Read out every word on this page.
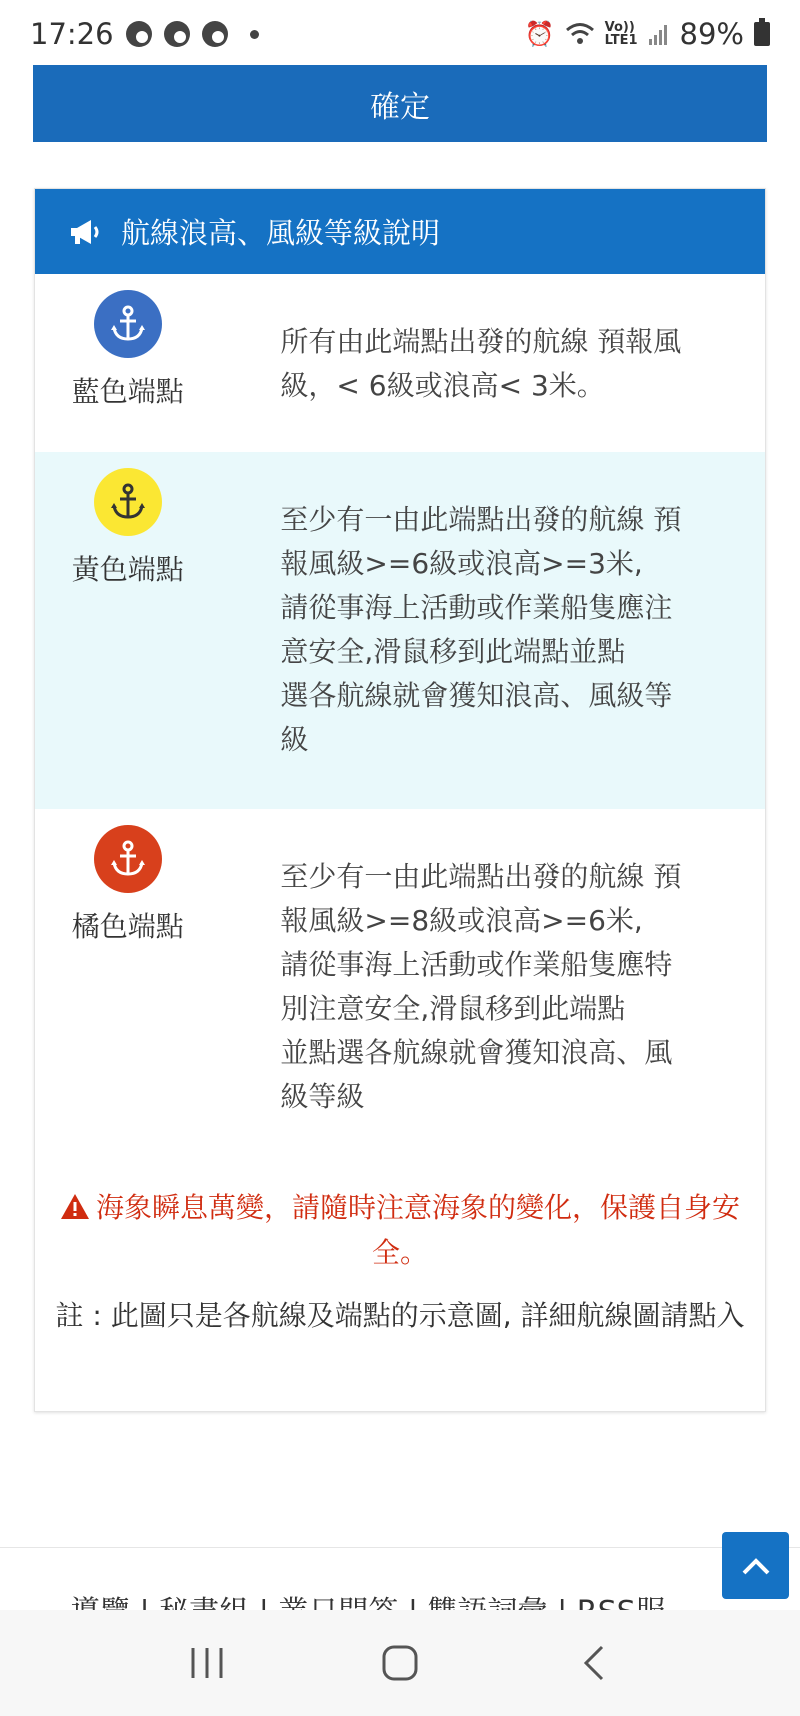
17:26	⏰	Vo))
LTE1 89%
確定
航線浪高、風級等級說明
藍色端點
所有由此端點出發的航線 預報風
級，< 6級或浪高< 3米。
黃色端點
至少有一由此端點出發的航線 預
報風級>=6級或浪高>=3米,
請從事海上活動或作業船隻應注
意安全,滑鼠移到此端點並點
選各航線就會獲知浪高、風級等
級
橘色端點
至少有一由此端點出發的航線 預
報風級>=8級或浪高>=6米,
請從事海上活動或作業船隻應特
別注意安全,滑鼠移到此端點
並點選各航線就會獲知浪高、風
級等級
海象瞬息萬變，請隨時注意海象的變化，保護自身安全。
註 : 此圖只是各航線及端點的示意圖, 詳細航線圖請點入
